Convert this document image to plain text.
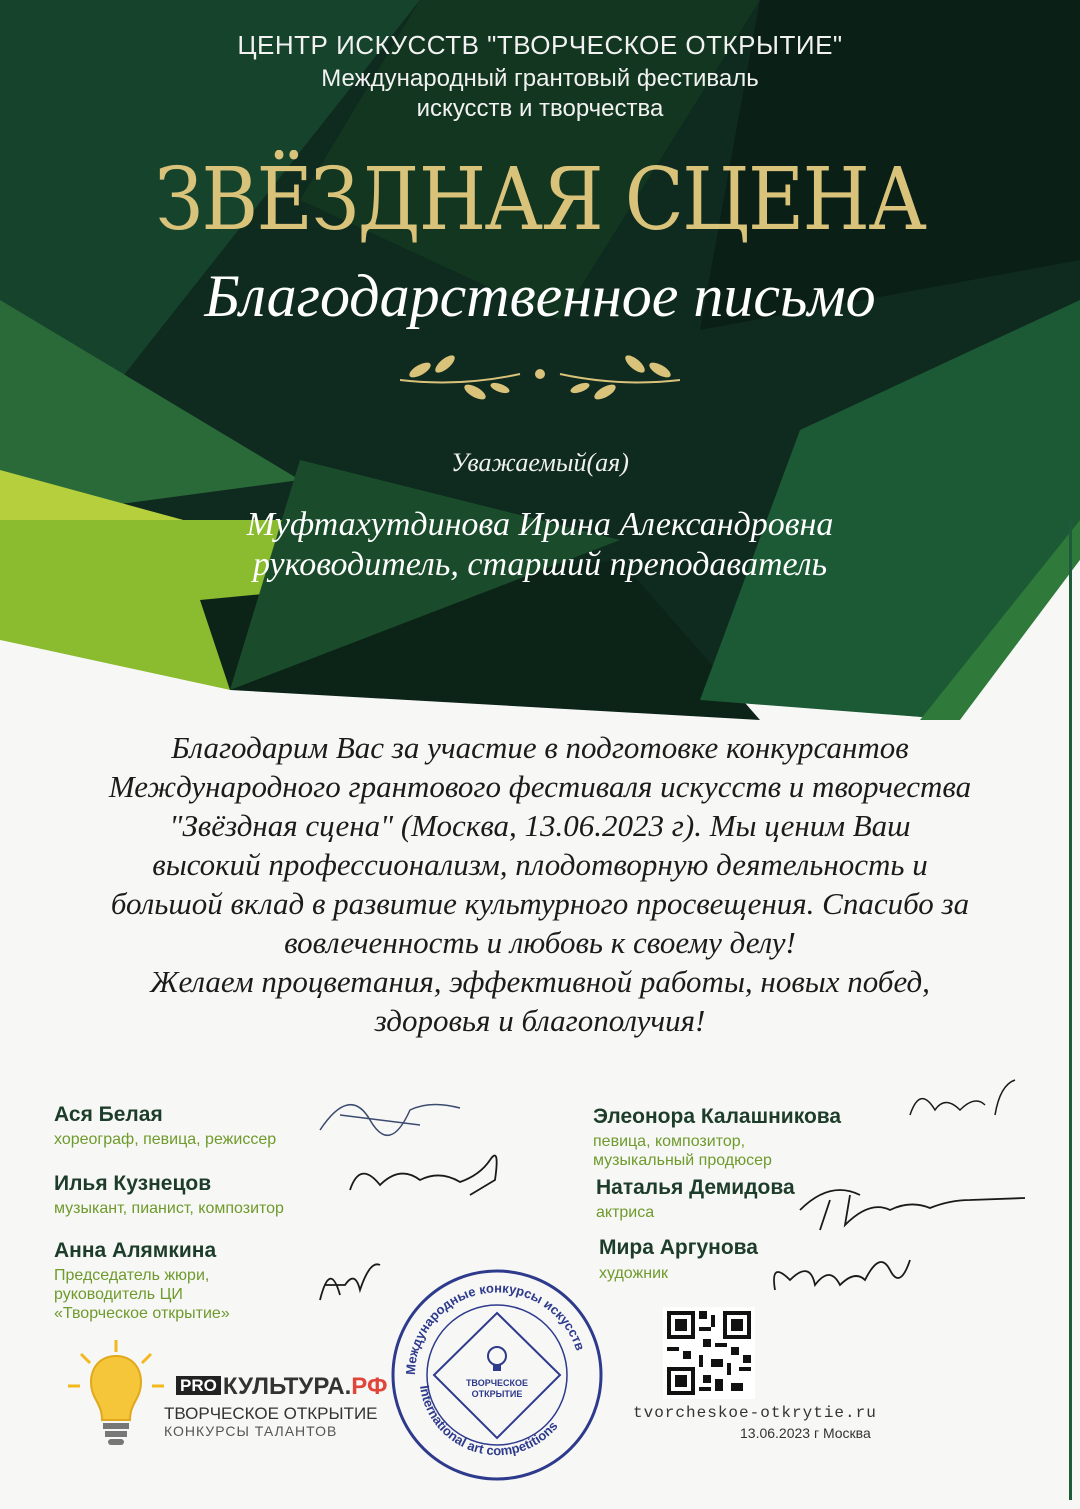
ЦЕНТР ИСКУССТВ "ТВОРЧЕСКОЕ ОТКРЫТИЕ"
Международный грантовый фестиваль
искусств и творчества
ЗВЁЗДНАЯ СЦЕНА
Благодарственное письмо
Уважаемый(ая)
Муфтахутдинова Ирина Александровна
руководитель, старший преподаватель
Благодарим Вас за участие в подготовке конкурсантов
Международного грантового фестиваля искусств и творчества
"Звёздная сцена" (Москва, 13.06.2023 г). Мы ценим Ваш
высокий профессионализм, плодотворную деятельность и
большой вклад в развитие культурного просвещения. Спасибо за
вовлеченность и любовь к своему делу!
Желаем процветания, эффективной работы, новых побед,
здоровья и благополучия!
Ася Белая
хореограф, певица, режиссер
Илья Кузнецов
музыкант, пианист, композитор
Анна Алямкина
Председатель жюри,
руководитель ЦИ
«Творческое открытие»
Элеонора Калашникова
певица, композитор,
музыкальный продюсер
Наталья Демидова
актриса
Мира Аргунова
художник
Международные конкурсы искусств
International art competitions
ТВОРЧЕСКОЕ
ОТКРЫТИЕ
PRO КУЛЬТУРА.РФ
ТВОРЧЕСКОЕ ОТКРЫТИЕ
КОНКУРСЫ ТАЛАНТОВ
tvorcheskoe-otkrytie.ru
13.06.2023 г Москва
